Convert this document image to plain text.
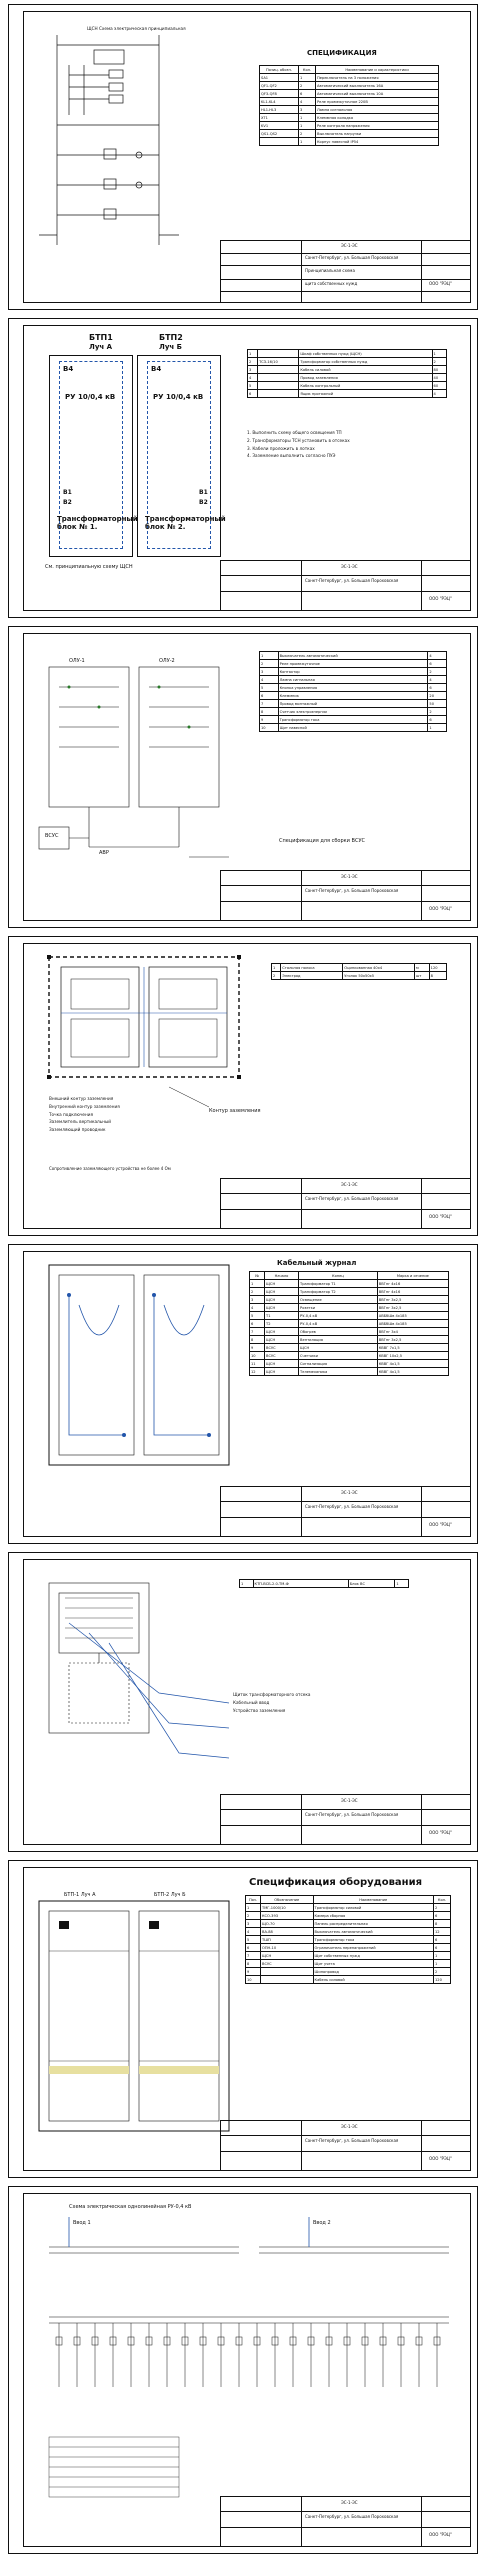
ЩСН Схема электрическая принципиальная
СПЕЦИФИКАЦИЯ
Позиц. обозн.	Кол.	Наименование и характеристики
SA1	1	Переключатель на 3 положения
QF1-QF2	2	Автоматический выключатель 16А
QF3-QF8	6	Автоматический выключатель 10А
KL1-KL4	4	Реле промежуточное 220В
HL1-HL3	3	Лампа сигнальная
XT1	1	Клеммная колодка
KV1	1	Реле контроля напряжения
QS1-QS2	2	Выключатель нагрузки
	1	Корпус навесной IP54
ЭС-1-ЭС
Санкт-Петербург, ул. Большая Пороховская
Принципиальная схема
щита собственных нужд	ООО "РЭЦ"
БТП1
Луч А
БТП2
Луч Б
В4	В4
РУ 10/0,4 кВ	РУ 10/0,4 кВ
В1
В2
В1
В2
Трансформаторный блок № 1.
Трансформаторный блок № 2.
См. принципиальную схему ЩСН
1		Шкаф собственных нужд (ЩСН)	1
2	ТСЗ-16/10	Трансформатор собственных нужд	2
3		Кабель силовой	80
4		Провод заземления	40
5		Кабель контрольный	60
6		Ящик протяжной	4
1. Выполнить схему общего освещения ТП
2. Трансформаторы ТСН установить в отсеках
3. Кабели проложить в лотках
4. Заземление выполнить согласно ПУЭ
ЭС-1-ЭС
Санкт-Петербург, ул. Большая Пороховская
ООО "РЭЦ"
ОЛУ-1	ОЛУ-2
АВР
ВСУС
1	Выключатель автоматический	4
2	Реле промежуточное	6
3	Контактор	2
4	Лампа сигнальная	4
5	Кнопка управления	6
6	Клеммник	20
7	Провод монтажный	50
8	Счетчик электроэнергии	2
9	Трансформатор тока	6
10	Щит навесной	1
Спецификация для сборки ВСУС
ЭС-1-ЭС
Санкт-Петербург, ул. Большая Пороховская
ООО "РЭЦ"
1	Стальная полоса	Оцинкованная 40х4	м	120
2	Электрод	Уголок 50х50х5	шт	8
Контур заземления
Внешний контур заземления
Внутренний контур заземления
Точка подключения
Заземлитель вертикальный
Заземляющий проводник
Сопротивление заземляющего устройства не более 4 Ом
ЭС-1-ЭС
Санкт-Петербург, ул. Большая Пороховская
ООО "РЭЦ"
Кабельный журнал
№	Начало	Конец	Марка и сечение
1	ЩСН	Трансформатор Т1	ВВГнг 4х16
2	ЩСН	Трансформатор Т2	ВВГнг 4х16
3	ЩСН	Освещение	ВВГнг 3х2,5
4	ЩСН	Розетки	ВВГнг 3х2,5
5	Т1	РУ-0,4 кВ	АВБбШв 4х185
6	Т2	РУ-0,4 кВ	АВБбШв 4х185
7	ЩСН	Обогрев	ВВГнг 3х4
8	ЩСН	Вентиляция	ВВГнг 3х2,5
9	ВСУС	ЩСН	КВВГ 7х1,5
10	ВСУС	Счетчики	КВВГ 10х2,5
11	ЩСН	Сигнализация	КВВГ 4х1,5
12	ЩСН	Телемеханика	КВВГ 4х1,5
ЭС-1-ЭС
Санкт-Петербург, ул. Большая Пороховская
ООО "РЭЦ"
1	КТП-ВСБ-2.0-ТМ-Ф	Блок ВС	1
Щиток трансформаторного отсека
Кабельный ввод
Устройство заземления
ЭС-1-ЭС
Санкт-Петербург, ул. Большая Пороховская
ООО "РЭЦ"
БТП-1 Луч А	БТП-2 Луч Б
Спецификация оборудования
Поз.	Обозначение	Наименование	Кол.
1	ТМГ-1000/10	Трансформатор силовой	2
2	КСО-393	Камера сборная	6
3	ЩО-70	Панель распределительная	8
4	ВА-88	Выключатель автоматический	12
5	ТШП	Трансформатор тока	6
6	ОПН-10	Ограничитель перенапряжений	6
7	ЩСН	Щит собственных нужд	1
8	ВСУС	Щит учета	1
9		Шинопровод	2
10		Кабель силовой	120
ЭС-1-ЭС
Санкт-Петербург, ул. Большая Пороховская
ООО "РЭЦ"
Схема электрическая однолинейная РУ-0,4 кВ
Ввод 1	Ввод 2
ЭС-1-ЭС
Санкт-Петербург, ул. Большая Пороховская
ООО "РЭЦ"
